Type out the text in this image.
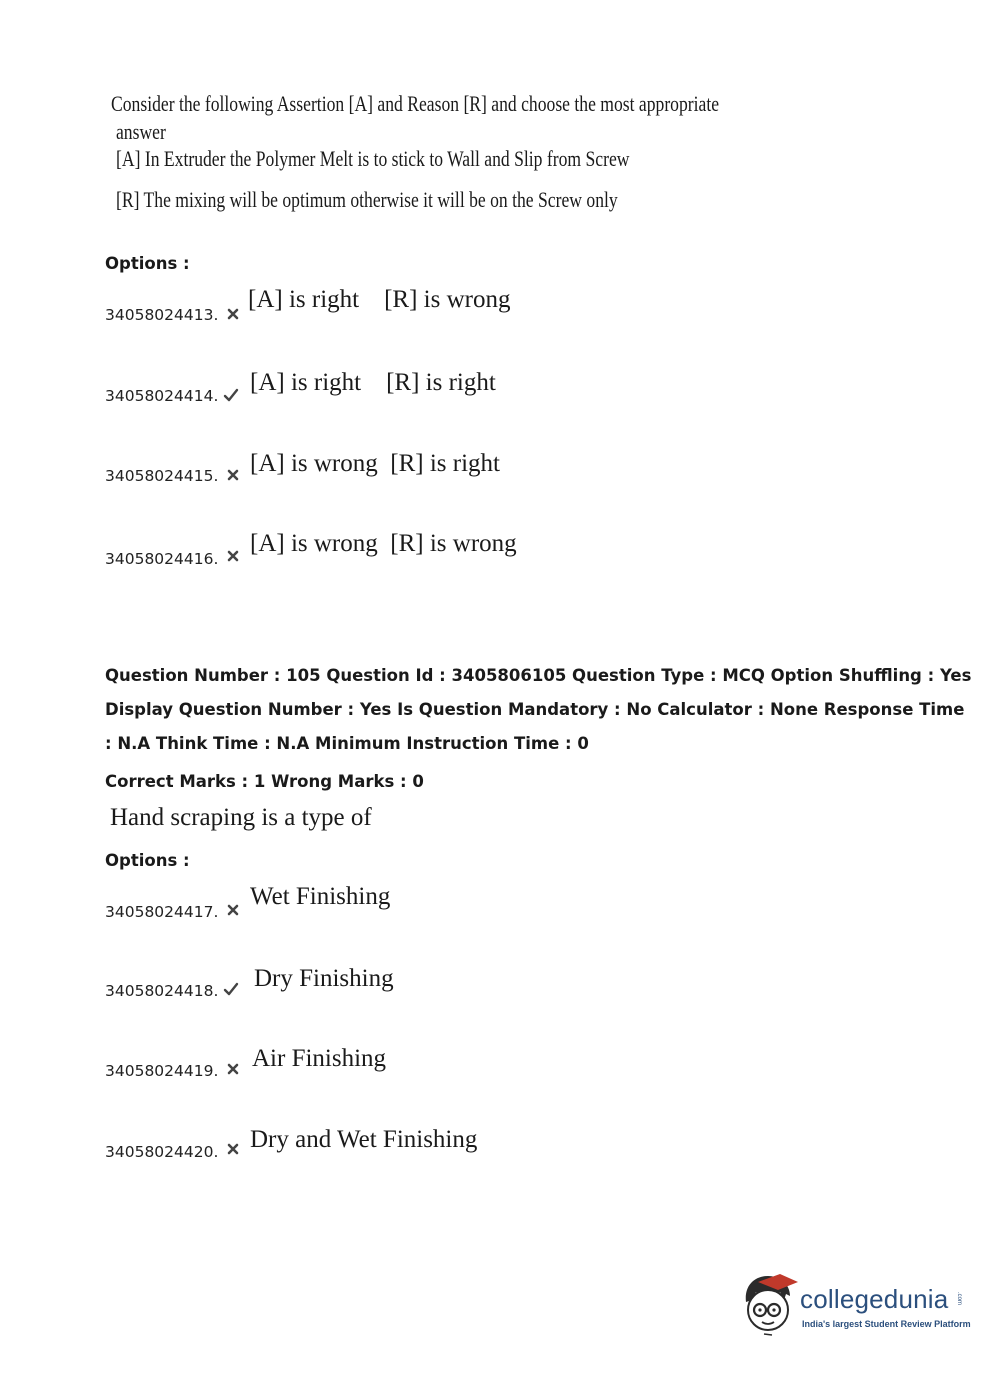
Consider the following Assertion [A] and Reason [R] and choose the most appropriate
answer
[A] In Extruder the Polymer Melt is to stick to Wall and Slip from Screw
[R] The mixing will be optimum otherwise it will be on the Screw only
Options :
34058024413.
[A] is right    [R] is wrong
34058024414. [A] is right    [R] is right
34058024415. [A] is wrong  [R] is right
34058024416.
[A] is wrong  [R] is wrong
Question Number : 105 Question Id : 3405806105 Question Type : MCQ Option Shuffling : Yes
Display Question Number : Yes Is Question Mandatory : No Calculator : None Response Time
: N.A Think Time : N.A Minimum Instruction Time : 0
Correct Marks : 1 Wrong Marks : 0
Hand scraping is a type of
Options :
34058024417.
Wet Finishing
34058024418. Dry Finishing
34058024419. Air Finishing
34058024420. Dry and Wet Finishing
collegedunia .com
India's largest Student Review Platform
